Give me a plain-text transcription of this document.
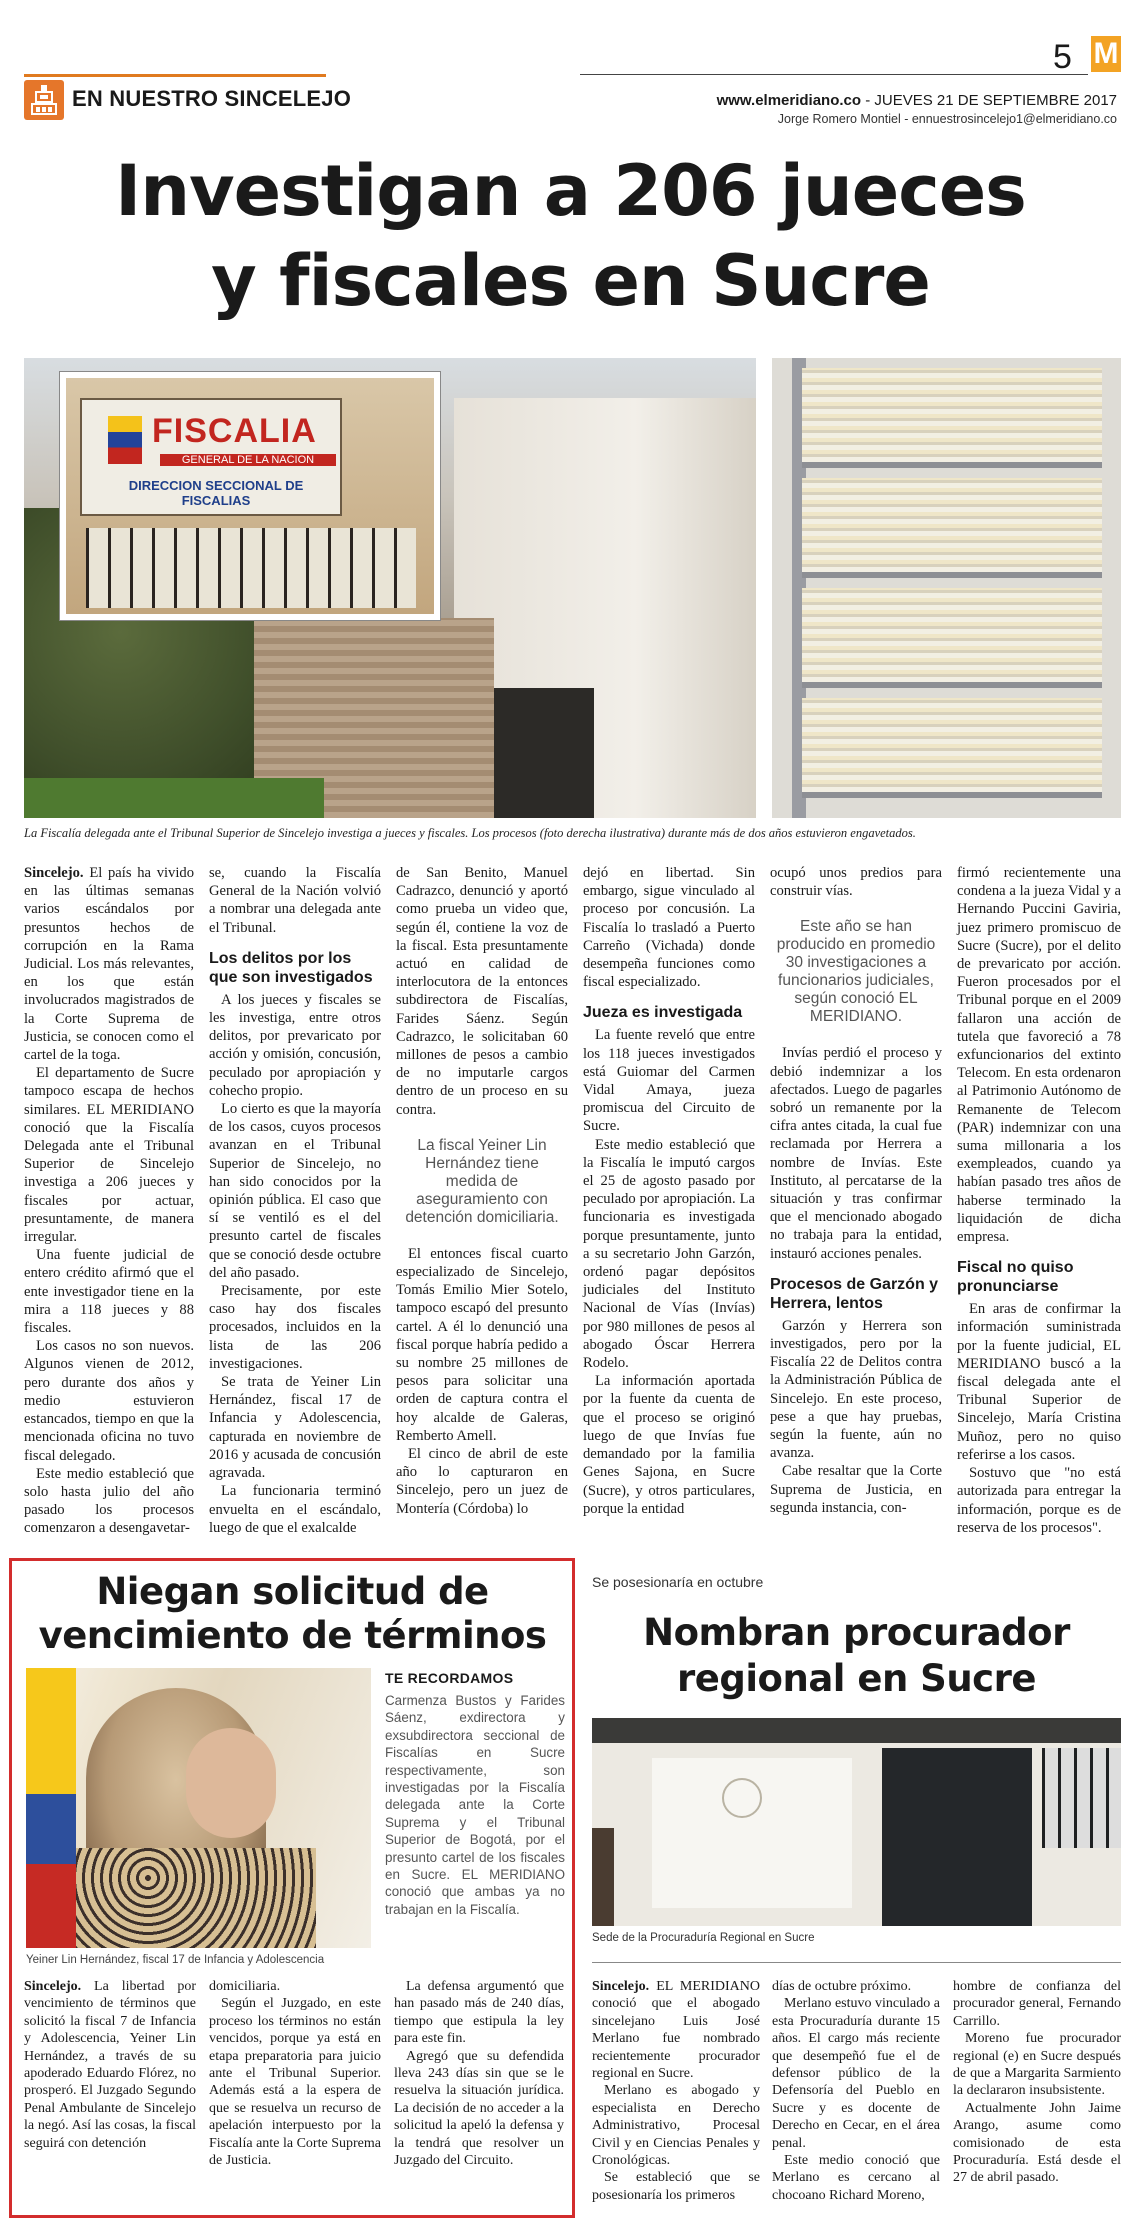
EN NUESTRO SINCELEJO
5 M
www.elmeridiano.co - JUEVES 21 DE SEPTIEMBRE 2017
Jorge Romero Montiel - ennuestrosincelejo1@elmeridiano.co
Investigan a 206 jueces
y fiscales en Sucre
FISCALIA
GENERAL DE LA NACION
DIRECCION SECCIONAL DE FISCALIAS
La Fiscalía delegada ante el Tribunal Superior de Sincelejo investiga a jueces y fiscales. Los procesos (foto derecha ilustrativa) durante más de dos años estuvieron engavetados.

Sincelejo. El país ha vivido en las últimas semanas varios escándalos por presuntos hechos de corrupción en la Rama Judicial. Los más relevantes, en los que están involucrados magistrados de la Corte Suprema de Justicia, se conocen como el cartel de la toga.

El departamento de Sucre tampoco escapa de hechos similares. EL MERIDIANO conoció que la Fiscalía Delegada ante el Tribunal Superior de Sincelejo investiga a 206 jueces y fiscales por actuar, presuntamente, de manera irregular.

Una fuente judicial de entero crédito afirmó que el ente investigador tiene en la mira a 118 jueces y 88 fiscales.

Los casos no son nuevos. Algunos vienen de 2012, pero durante dos años y medio estuvieron estancados, tiempo en que la mencionada oficina no tuvo fiscal delegado.

Este medio estableció que solo hasta julio del año pasado los procesos comenzaron a desengavetar-

se, cuando la Fiscalía General de la Nación volvió a nombrar una delegada ante el Tribunal.

Los delitos por los que son investigados

A los jueces y fiscales se les investiga, entre otros delitos, por prevaricato por acción y omisión, concusión, peculado por apropiación y cohecho propio.

Lo cierto es que la mayoría de los casos, cuyos procesos avanzan en el Tribunal Superior de Sincelejo, no han sido conocidos por la opinión pública. El caso que sí se ventiló es el del presunto cartel de fiscales que se conoció desde octubre del año pasado.

Precisamente, por este caso hay dos fiscales procesados, incluidos en la lista de las 206 investigaciones.

Se trata de Yeiner Lin Hernández, fiscal 17 de Infancia y Adolescencia, capturada en noviembre de 2016 y acusada de concusión agravada.

La funcionaria terminó envuelta en el escándalo, luego de que el exalcalde

de San Benito, Manuel Cadrazco, denunció y aportó como prueba un video que, según él, contiene la voz de la fiscal. Esta presuntamente actuó en calidad de interlocutora de la entonces subdirectora de Fiscalías, Farides Sáenz. Según Cadrazco, le solicitaban 60 millones de pesos a cambio de no imputarle cargos dentro de un proceso en su contra.

La fiscal Yeiner Lin Hernández tiene medida de aseguramiento con detención domiciliaria.

El entonces fiscal cuarto especializado de Sincelejo, Tomás Emilio Mier Sotelo, tampoco escapó del presunto cartel. A él lo denunció una fiscal porque habría pedido a su nombre 25 millones de pesos para solicitar una orden de captura contra el hoy alcalde de Galeras, Remberto Amell.

El cinco de abril de este año lo capturaron en Sincelejo, pero un juez de Montería (Córdoba) lo

dejó en libertad. Sin embargo, sigue vinculado al proceso por concusión. La Fiscalía lo trasladó a Puerto Carreño (Vichada) donde desempeña funciones como fiscal especializado.

Jueza es investigada

La fuente reveló que entre los 118 jueces investigados está Guiomar del Carmen Vidal Amaya, jueza promiscua del Circuito de Sucre.

Este medio estableció que la Fiscalía le imputó cargos el 25 de agosto pasado por peculado por apropiación. La funcionaria es investigada porque presuntamente, junto a su secretario John Garzón, ordenó pagar depósitos judiciales del Instituto Nacional de Vías (Invías) por 980 millones de pesos al abogado Óscar Herrera Rodelo.

La información aportada por la fuente da cuenta de que el proceso se originó luego de que Invías fue demandado por la familia Genes Sajona, en Sucre (Sucre), y otros particulares, porque la entidad

ocupó unos predios para construir vías.

Este año se han producido en promedio 30 investigaciones a funcionarios judiciales, según conoció EL MERIDIANO.

Invías perdió el proceso y debió indemnizar a los afectados. Luego de pagarles sobró un remanente por la cifra antes citada, la cual fue reclamada por Herrera a nombre de Invías. Este Instituto, al percatarse de la situación y tras confirmar que el mencionado abogado no trabaja para la entidad, instauró acciones penales.

Procesos de Garzón y Herrera, lentos

Garzón y Herrera son investigados, pero por la Fiscalía 22 de Delitos contra la Administración Pública de Sincelejo. En este proceso, pese a que hay pruebas, según la fuente, aún no avanza.

Cabe resaltar que la Corte Suprema de Justicia, en segunda instancia, con-

firmó recientemente una condena a la jueza Vidal y a Hernando Puccini Gaviria, juez primero promiscuo de Sucre (Sucre), por el delito de prevaricato por acción. Fueron procesados por el Tribunal porque en el 2009 fallaron una acción de tutela que favoreció a 78 exfuncionarios del extinto Telecom. En esta ordenaron al Patrimonio Autónomo de Remanente de Telecom (PAR) indemnizar con una suma millonaria a los exempleados, cuando ya habían pasado tres años de haberse terminado la liquidación de dicha empresa.

Fiscal no quiso pronunciarse

En aras de confirmar la información suministrada por la fuente judicial, EL MERIDIANO buscó a la fiscal delegada ante el Tribunal Superior de Sincelejo, María Cristina Muñoz, pero no quiso referirse a los casos.

Sostuvo que "no está autorizada para entregar la información, porque es de reserva de los procesos".

Niegan solicitud de
vencimiento de términos
TE RECORDAMOS
Carmenza Bustos y Farides Sáenz, exdirectora y exsubdirectora seccional de Fiscalías en Sucre respectivamente, son investigadas por la Fiscalía delegada ante la Corte Suprema y el Tribunal Superior de Bogotá, por el presunto cartel de los fiscales en Sucre. EL MERIDIANO conoció que ambas ya no trabajan en la Fiscalía.
Yeiner Lin Hernández, fiscal 17 de Infancia y Adolescencia

Sincelejo. La libertad por vencimiento de términos que solicitó la fiscal 7 de Infancia y Adolescencia, Yeiner Lin Hernández, a través de su apoderado Eduardo Flórez, no prosperó. El Juzgado Segundo Penal Ambulante de Sincelejo la negó. Así las cosas, la fiscal seguirá con detención

domiciliaria.

Según el Juzgado, en este proceso los términos no están vencidos, porque ya está en etapa preparatoria para juicio ante el Tribunal Superior. Además está a la espera de que se resuelva un recurso de apelación interpuesto por la Fiscalía ante la Corte Suprema de Justicia.

La defensa argumentó que han pasado más de 240 días, tiempo que estipula la ley para este fin.

Agregó que su defendida lleva 243 días sin que se le resuelva la situación jurídica. La decisión de no acceder a la solicitud la apeló la defensa y la tendrá que resolver un Juzgado del Circuito.

Se posesionaría en octubre
Nombran procurador
regional en Sucre
Sede de la Procuraduría Regional en Sucre

Sincelejo. EL MERIDIANO conoció que el abogado sincelejano Luis José Merlano fue nombrado recientemente procurador regional en Sucre.

Merlano es abogado y especialista en Derecho Administrativo, Procesal Civil y en Ciencias Penales y Cronológicas.

Se estableció que se posesionaría los primeros

días de octubre próximo.

Merlano estuvo vinculado a esta Procuraduría durante 15 años. El cargo más reciente que desempeñó fue el de defensor público de la Defensoría del Pueblo en Sucre y es docente de Derecho en Cecar, en el área penal.

Este medio conoció que Merlano es cercano al chocoano Richard Moreno,

hombre de confianza del procurador general, Fernando Carrillo.

Moreno fue procurador regional (e) en Sucre después de que a Margarita Sarmiento la declararon insubsistente.

Actualmente John Jaime Arango, asume como comisionado de esta Procuraduría. Está desde el 27 de abril pasado.
